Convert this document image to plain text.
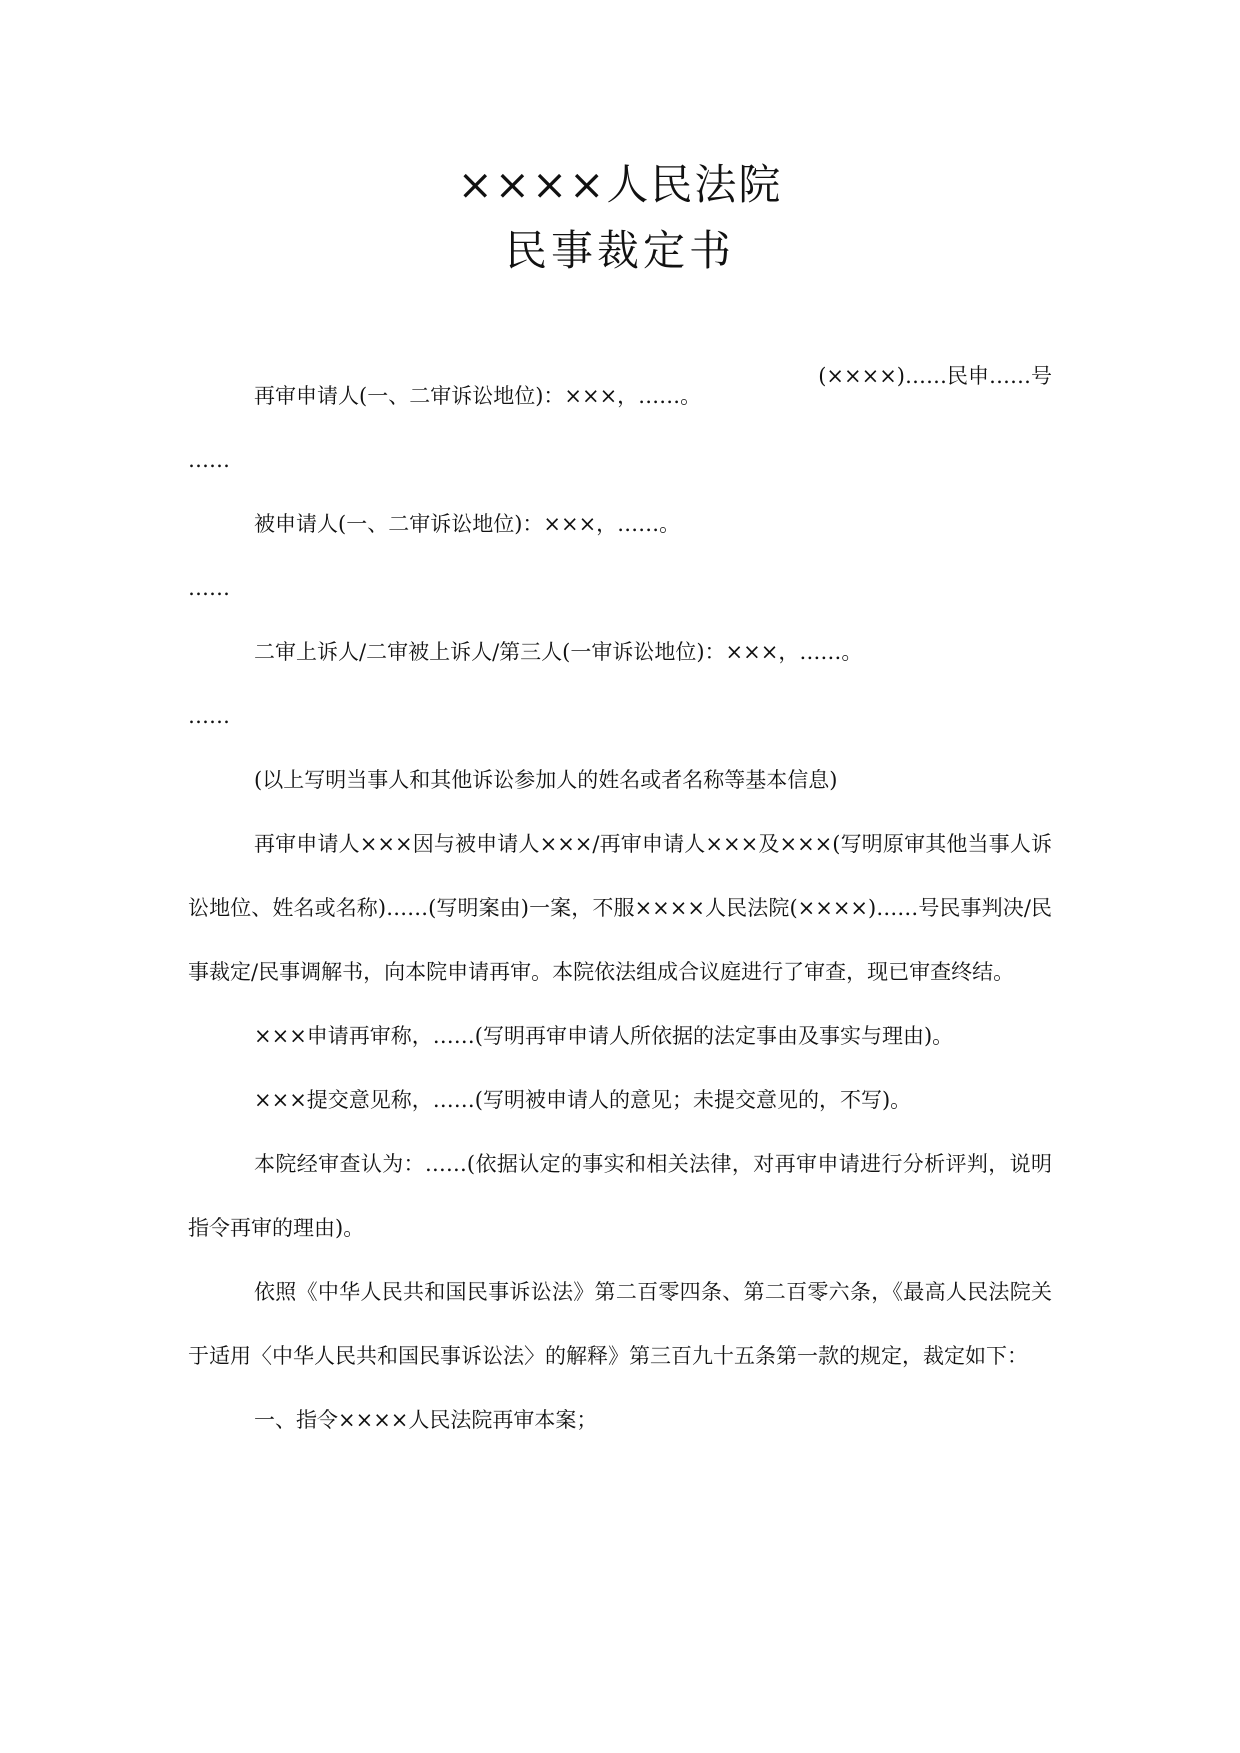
××××人民法院
民事裁定书
(××××)……民申……号

再审申请人(一、二审诉讼地位)：×××，……。

……

被申请人(一、二审诉讼地位)：×××，……。

……

二审上诉人/二审被上诉人/第三人(一审诉讼地位)：×××，……。

……

(以上写明当事人和其他诉讼参加人的姓名或者名称等基本信息)

再审申请人×××因与被申请人×××/再审申请人×××及×××(写明原审其他当事人诉讼地位、姓名或名称)……(写明案由)一案，不服××××人民法院(××××)……号民事判决/民事裁定/民事调解书，向本院申请再审。本院依法组成合议庭进行了审查，现已审查终结。

×××申请再审称，……(写明再审申请人所依据的法定事由及事实与理由)。

×××提交意见称，……(写明被申请人的意见；未提交意见的，不写)。

本院经审查认为：……(依据认定的事实和相关法律，对再审申请进行分析评判，说明指令再审的理由)。

依照《中华人民共和国民事诉讼法》第二百零四条、第二百零六条，《最高人民法院关于适用〈中华人民共和国民事诉讼法〉的解释》第三百九十五条第一款的规定，裁定如下：

一、指令××××人民法院再审本案；
